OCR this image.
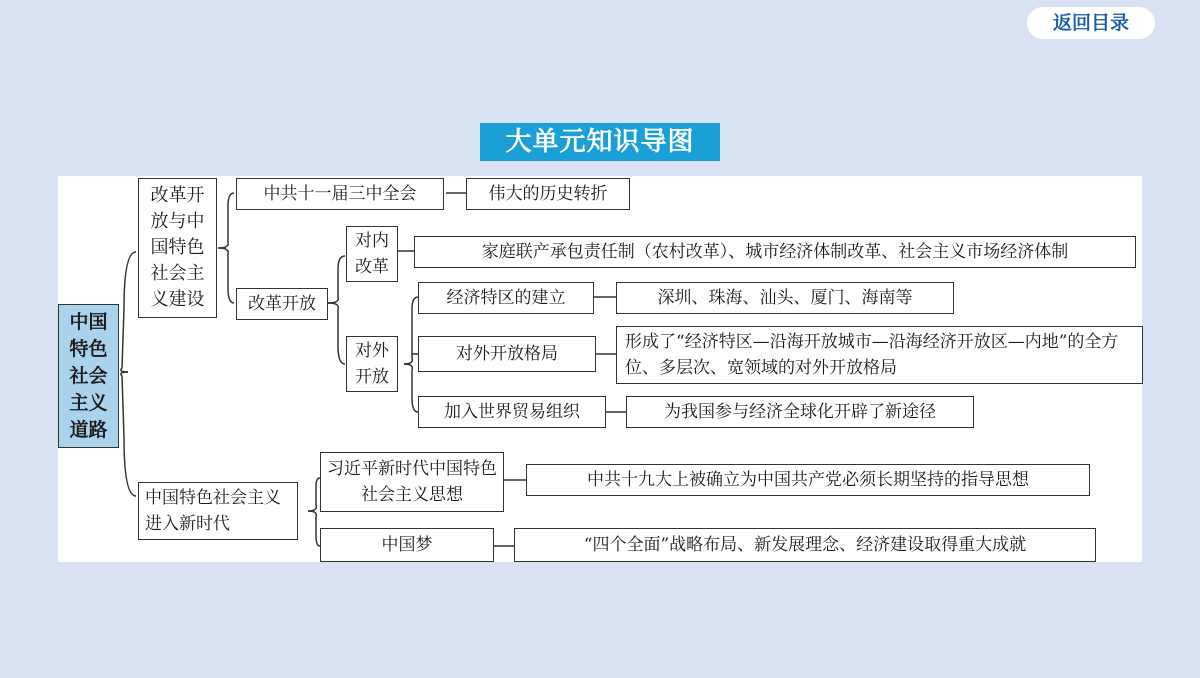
返回目录
大单元知识导图
中国特色社会主义道路
改革开放与中国特色社会主义建设
中共十一届三中全会	伟大的历史转折
改革开放
对内改革
家庭联产承包责任制（农村改革）、城市经济体制改革、社会主义市场经济体制
对外开放
经济特区的建立	深圳、珠海、汕头、厦门、海南等
对外开放格局
形成了“经济特区—沿海开放城市—沿海经济开放区—内地”的全方位、多层次、宽领域的对外开放格局
加入世界贸易组织	为我国参与经济全球化开辟了新途径
中国特色社会主义进入新时代
习近平新时代中国特色社会主义思想
中共十九大上被确立为中国共产党必须长期坚持的指导思想
中国梦	“四个全面”战略布局、新发展理念、经济建设取得重大成就
